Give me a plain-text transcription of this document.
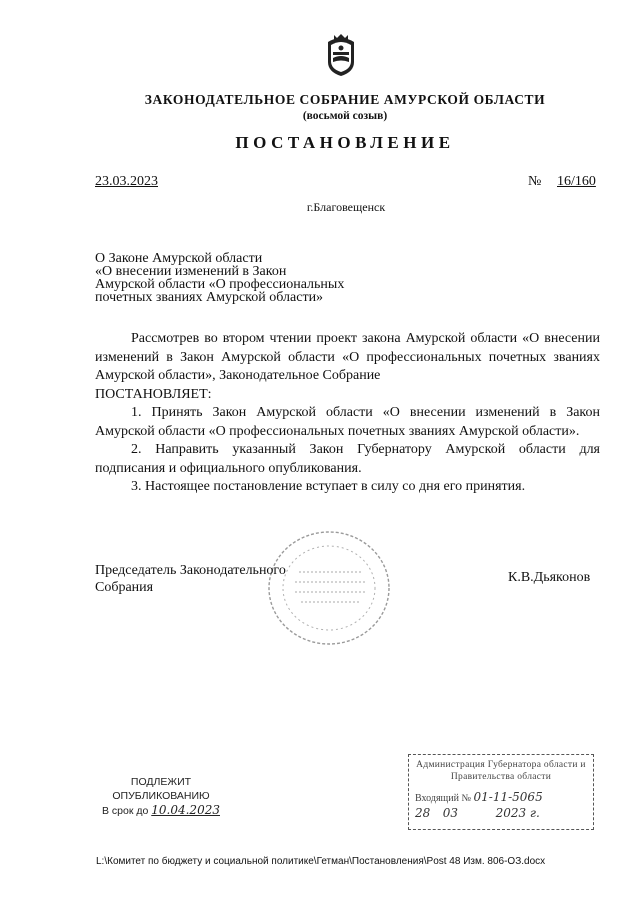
ЗАКОНОДАТЕЛЬНОЕ СОБРАНИЕ АМУРСКОЙ ОБЛАСТИ
(восьмой созыв)
ПОСТАНОВЛЕНИЕ
23.03.2023	№ 16/160
г.Благовещенск
О Законе Амурской области
«О внесении изменений в Закон
Амурской области «О профессиональных
почетных званиях Амурской области»

Рассмотрев во втором чтении проект закона Амурской области «О внесении изменений в Закон Амурской области «О профессиональных почетных званиях Амурской области», Законодательное Собрание

ПОСТАНОВЛЯЕТ:

1. Принять Закон Амурской области «О внесении изменений в Закон Амурской области «О профессиональных почетных званиях Амурской области».

2. Направить указанный Закон Губернатору Амурской области для подписания и официального опубликования.

3. Настоящее постановление вступает в силу со дня его принятия.

Председатель Законодательного
Собрания
К.В.Дьяконов
ПОДЛЕЖИТ
ОПУБЛИКОВАНИЮ
В срок до 10.04.2023
Администрация Губернатора области и
Правительства области
Входящий № 01-11-5065
28 03	2023 г.
L:\Комитет по бюджету и социальной политике\Гетман\Постановления\Post 48 Изм. 806-ОЗ.docx
